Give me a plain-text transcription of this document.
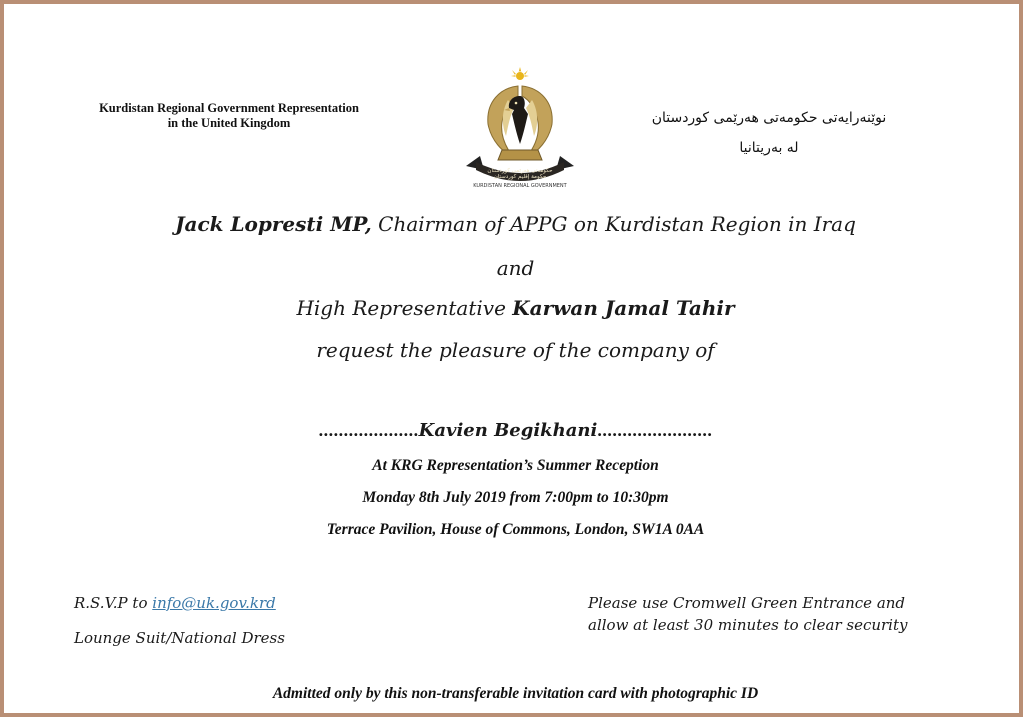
Kurdistan Regional Government Representation
in the United Kingdom
حكومەتی هەرێمی كوردستان
حكومة إقليم كوردستان
KURDISTAN REGIONAL GOVERNMENT
نوێنەرایەتی حکومەتی هەرێمی کوردستان
لە بەریتانیا
Jack Lopresti MP, Chairman of APPG on Kurdistan Region in Iraq
and
High Representative Karwan Jamal Tahir
request the pleasure of the company of
....................Kavien Begikhani.......................
At KRG Representation’s Summer Reception
Monday 8th July 2019 from 7:00pm to 10:30pm
Terrace Pavilion, House of Commons, London, SW1A 0AA
R.S.V.P to info@uk.gov.krd
Lounge Suit/National Dress
Please use Cromwell Green Entrance and
allow at least 30 minutes to clear security
Admitted only by this non-transferable invitation card with photographic ID
